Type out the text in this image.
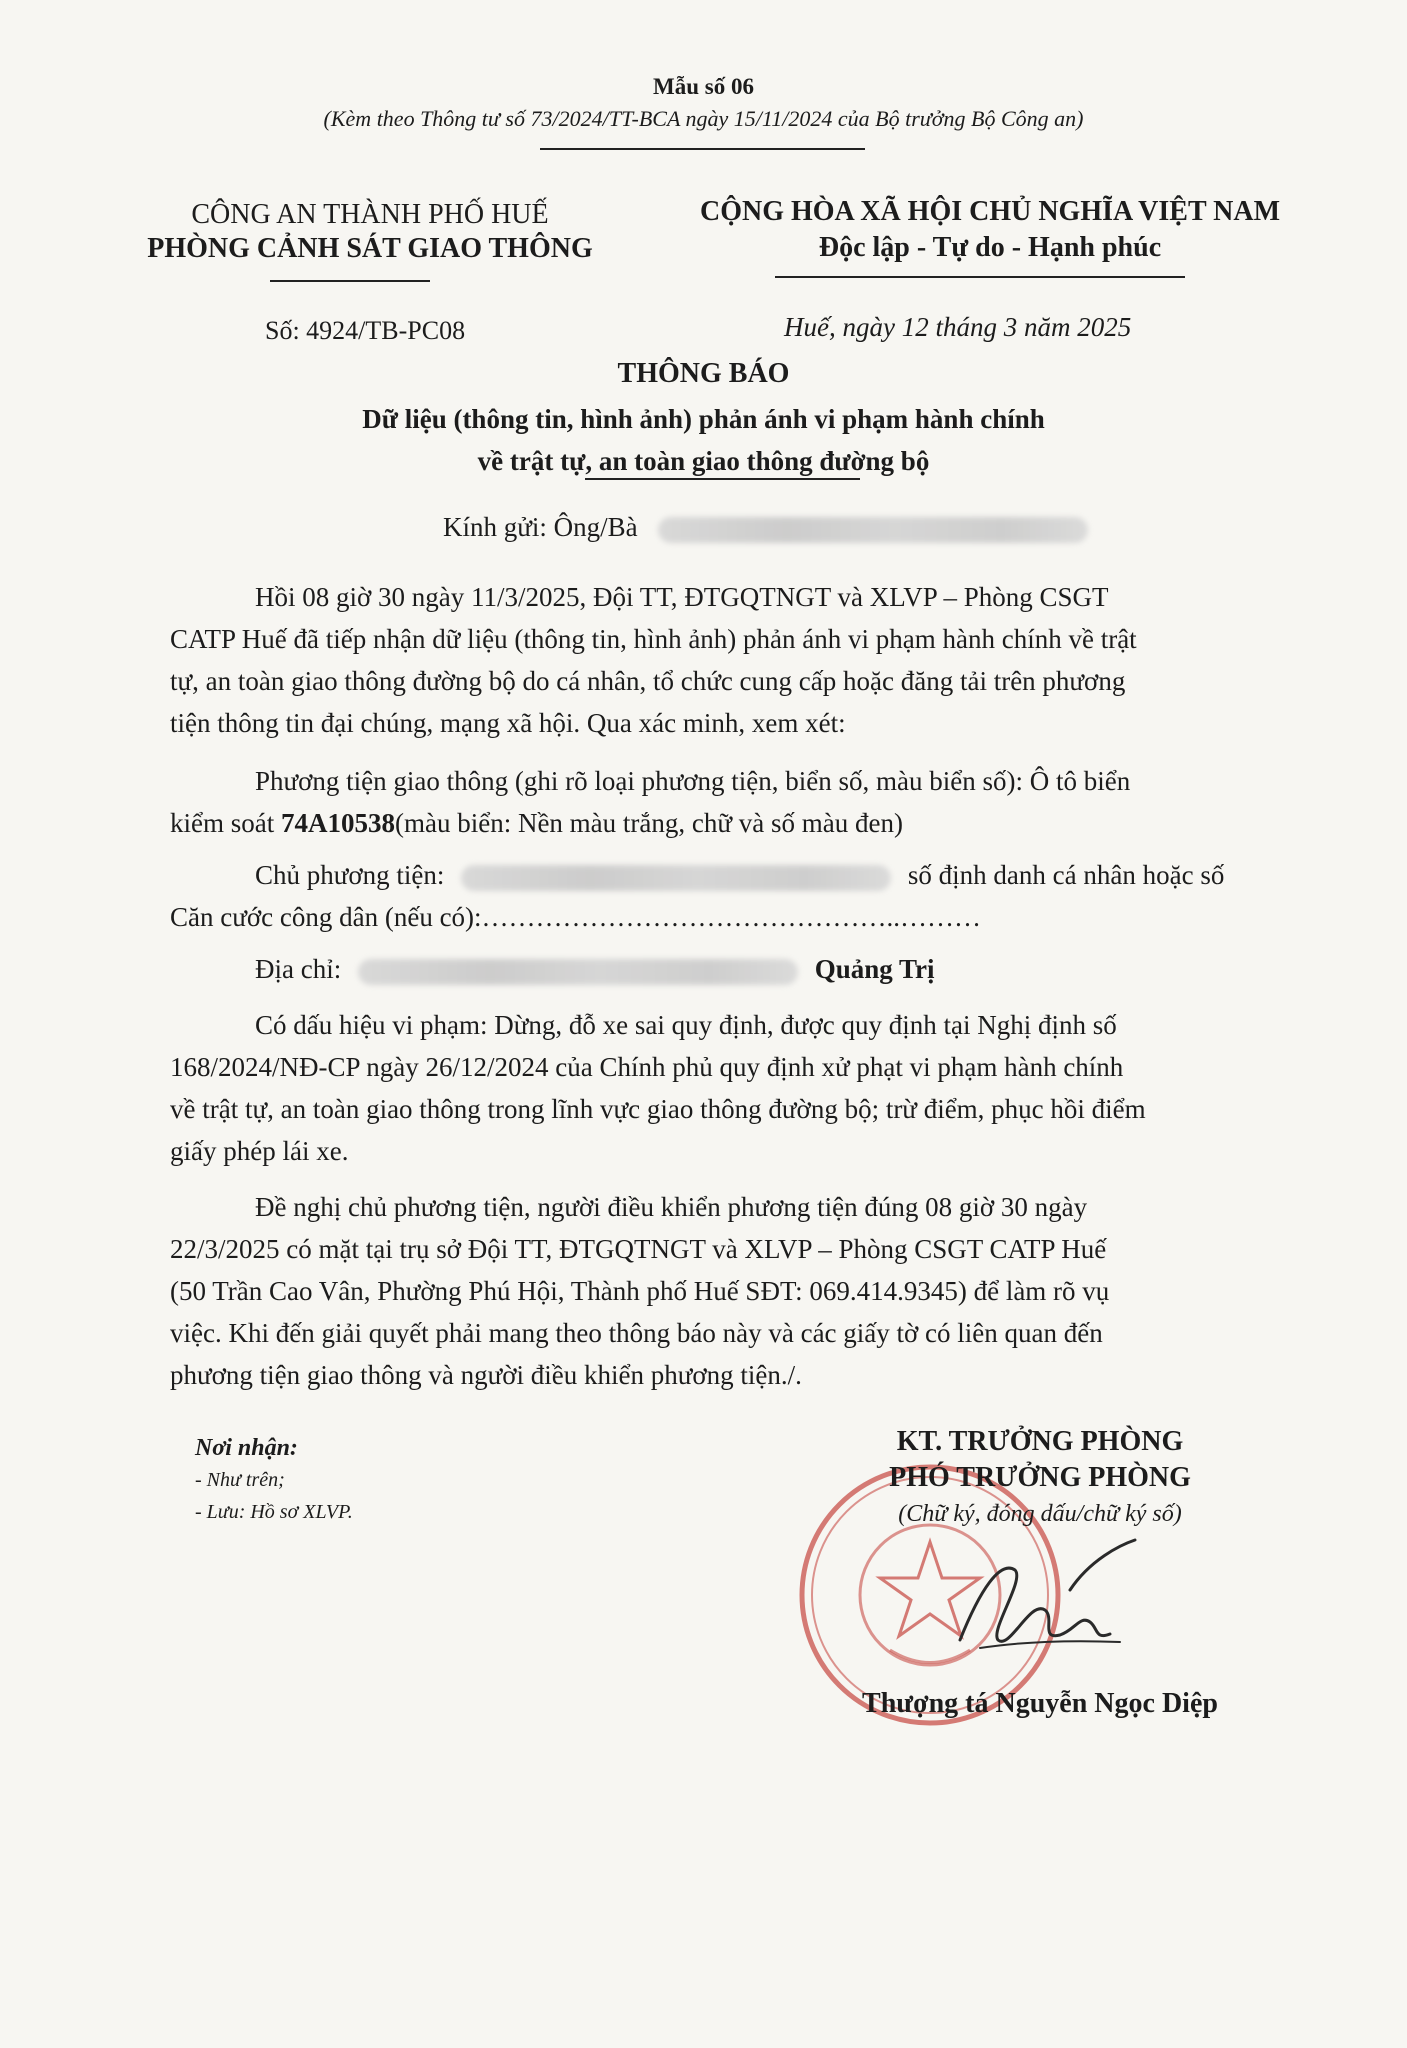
Mẫu số 06
(Kèm theo Thông tư số 73/2024/TT-BCA ngày 15/11/2024 của Bộ trưởng Bộ Công an)
CÔNG AN THÀNH PHỐ HUẾ
PHÒNG CẢNH SÁT GIAO THÔNG
CỘNG HÒA XÃ HỘI CHỦ NGHĨA VIỆT NAM
Độc lập - Tự do - Hạnh phúc
Số: 4924/TB-PC08	Huế, ngày 12 tháng 3 năm 2025
THÔNG BÁO
Dữ liệu (thông tin, hình ảnh) phản ánh vi phạm hành chính
về trật tự, an toàn giao thông đường bộ
Kính gửi: Ông/Bà
Hồi 08 giờ 30 ngày 11/3/2025, Đội TT, ĐTGQTNGT và XLVP – Phòng CSGT
CATP Huế đã tiếp nhận dữ liệu (thông tin, hình ảnh) phản ánh vi phạm hành chính về trật
tự, an toàn giao thông đường bộ do cá nhân, tổ chức cung cấp hoặc đăng tải trên phương
tiện thông tin đại chúng, mạng xã hội. Qua xác minh, xem xét:
Phương tiện giao thông (ghi rõ loại phương tiện, biển số, màu biển số): Ô tô biển
kiểm soát 74A10538(màu biển: Nền màu trắng, chữ và số màu đen)
Chủ phương tiện:	số định danh cá nhân hoặc số
Căn cước công dân (nếu có):………………………………………..………
Địa chỉ:	Quảng Trị
Có dấu hiệu vi phạm: Dừng, đỗ xe sai quy định, được quy định tại Nghị định số
168/2024/NĐ-CP ngày 26/12/2024 của Chính phủ quy định xử phạt vi phạm hành chính
về trật tự, an toàn giao thông trong lĩnh vực giao thông đường bộ; trừ điểm, phục hồi điểm
giấy phép lái xe.
Đề nghị chủ phương tiện, người điều khiển phương tiện đúng 08 giờ 30 ngày
22/3/2025 có mặt tại trụ sở Đội TT, ĐTGQTNGT và XLVP – Phòng CSGT CATP Huế
(50 Trần Cao Vân, Phường Phú Hội, Thành phố Huế SĐT: 069.414.9345) để làm rõ vụ
việc. Khi đến giải quyết phải mang theo thông báo này và các giấy tờ có liên quan đến
phương tiện giao thông và người điều khiển phương tiện./.
Nơi nhận:
- Như trên;
- Lưu: Hồ sơ XLVP.
KT. TRƯỞNG PHÒNG
PHÓ TRƯỞNG PHÒNG
(Chữ ký, đóng dấu/chữ ký số)
Thượng tá Nguyễn Ngọc Diệp
